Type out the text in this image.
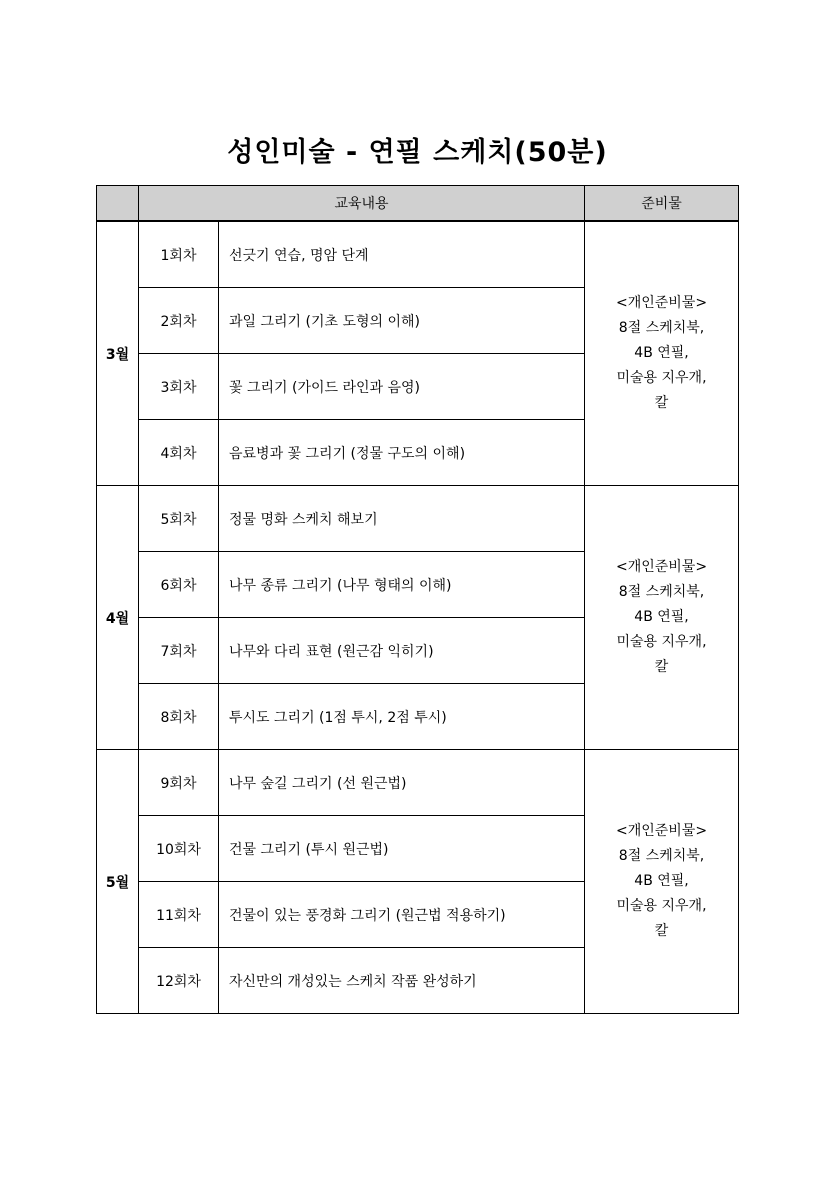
성인미술 - 연필 스케치(50분)
	교육내용		준비물
3월	1회차	선긋기 연습, 명암 단계	<개인준비물>
8절 스케치북,
4B 연필,
미술용 지우개,
칼

	2회차	과일 그리기 (기초 도형의 이해)	
	3회차	꽃 그리기 (가이드 라인과 음영)	
	4회차	음료병과 꽃 그리기 (정물 구도의 이해)	
4월	5회차	정물 명화 스케치 해보기	<개인준비물>
8절 스케치북,
4B 연필,
미술용 지우개,
칼

	6회차	나무 종류 그리기 (나무 형태의 이해)	
	7회차	나무와 다리 표현 (원근감 익히기)	
	8회차	투시도 그리기 (1점 투시, 2점 투시)	
5월	9회차	나무 숲길 그리기 (선 원근법)	<개인준비물>
8절 스케치북,
4B 연필,
미술용 지우개,
칼

	10회차	건물 그리기 (투시 원근법)	
	11회차	건물이 있는 풍경화 그리기 (원근법 적용하기)	
	12회차	자신만의 개성있는 스케치 작품 완성하기	
